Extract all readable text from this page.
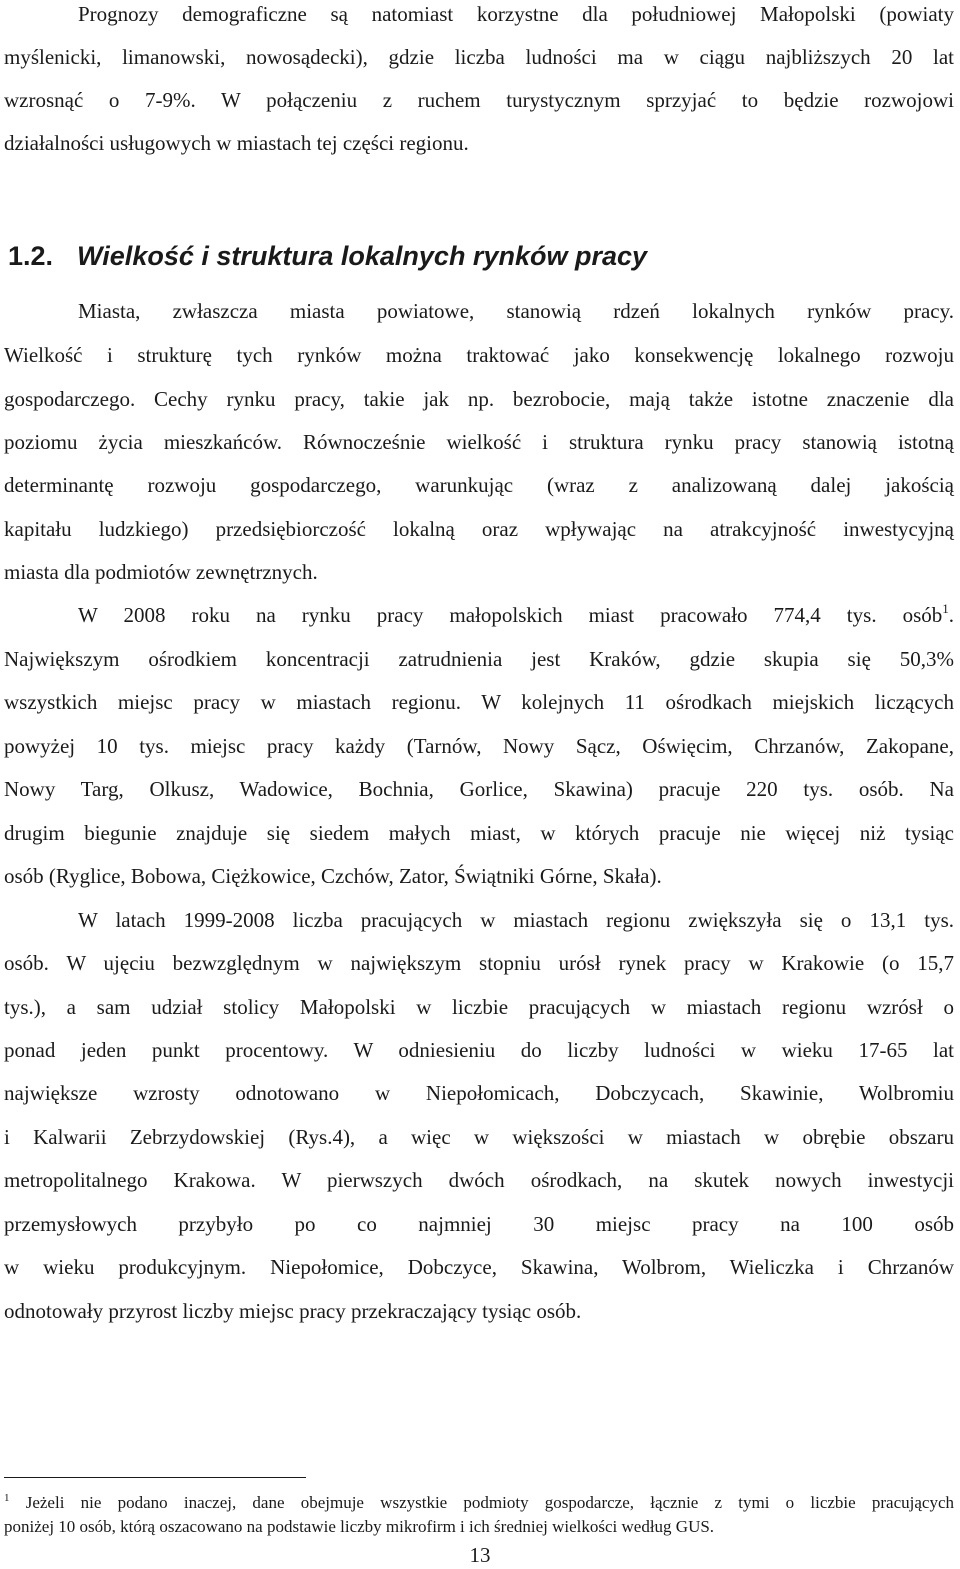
Prognozy demograficzne są natomiast korzystne dla południowej Małopolski (powiaty
myślenicki, limanowski, nowosądecki), gdzie liczba ludności ma w ciągu najbliższych 20 lat
wzrosnąć o 7-9%. W połączeniu z ruchem turystycznym sprzyjać to będzie rozwojowi
działalności usługowych w miastach tej części regionu.
1.2. Wielkość i struktura lokalnych rynków pracy
Miasta, zwłaszcza miasta powiatowe, stanowią rdzeń lokalnych rynków pracy.
Wielkość i strukturę tych rynków można traktować jako konsekwencję lokalnego rozwoju
gospodarczego. Cechy rynku pracy, takie jak np. bezrobocie, mają także istotne znaczenie dla
poziomu życia mieszkańców. Równocześnie wielkość i struktura rynku pracy stanowią istotną
determinantę rozwoju gospodarczego, warunkując (wraz z analizowaną dalej jakością
kapitału ludzkiego) przedsiębiorczość lokalną oraz wpływając na atrakcyjność inwestycyjną
miasta dla podmiotów zewnętrznych.
W 2008 roku na rynku pracy małopolskich miast pracowało 774,4 tys. osób$^1$.
Największym ośrodkiem koncentracji zatrudnienia jest Kraków, gdzie skupia się 50,3%
wszystkich miejsc pracy w miastach regionu. W kolejnych 11 ośrodkach miejskich liczących
powyżej 10 tys. miejsc pracy każdy (Tarnów, Nowy Sącz, Oświęcim, Chrzanów, Zakopane,
Nowy Targ, Olkusz, Wadowice, Bochnia, Gorlice, Skawina) pracuje 220 tys. osób. Na
drugim biegunie znajduje się siedem małych miast, w których pracuje nie więcej niż tysiąc
osób (Ryglice, Bobowa, Ciężkowice, Czchów, Zator, Świątniki Górne, Skała).
W latach 1999-2008 liczba pracujących w miastach regionu zwiększyła się o 13,1 tys.
osób. W ujęciu bezwzględnym w największym stopniu urósł rynek pracy w Krakowie (o 15,7
tys.), a sam udział stolicy Małopolski w liczbie pracujących w miastach regionu wzrósł o
ponad jeden punkt procentowy. W odniesieniu do liczby ludności w wieku 17-65 lat
największe wzrosty odnotowano w Niepołomicach, Dobczycach, Skawinie, Wolbromiu
i Kalwarii Zebrzydowskiej (Rys.4), a więc w większości w miastach w obrębie obszaru
metropolitalnego Krakowa. W pierwszych dwóch ośrodkach, na skutek nowych inwestycji
przemysłowych przybyło po co najmniej 30 miejsc pracy na 100 osób
w wieku produkcyjnym. Niepołomice, Dobczyce, Skawina, Wolbrom, Wieliczka i Chrzanów
odnotowały przyrost liczby miejsc pracy przekraczający tysiąc osób.
$^1$ Jeżeli nie podano inaczej, dane obejmuje wszystkie podmioty gospodarcze, łącznie z tymi o liczbie pracujących
poniżej 10 osób, którą oszacowano na podstawie liczby mikrofirm i ich średniej wielkości według GUS.
13
